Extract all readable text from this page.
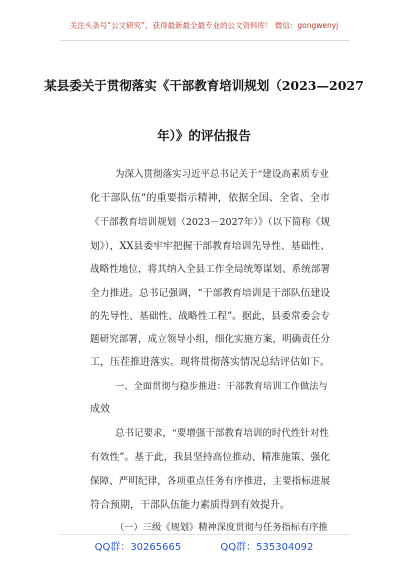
关注头条号“公文研究”，获得最新最全最专业的公文资料库！ 微信：gongwenyj
某县委关于贯彻落实《干部教育培训规划（2023—2027
年）》的评估报告
为深入贯彻落实习近平总书记关于“建设高素质专业
化干部队伍”的重要指示精神，依据全国、全省、全市
《干部教育培训规划（2023－2027年）》（以下简称《规
划》），XX县委牢牢把握干部教育培训先导性、基础性、
战略性地位，将其纳入全县工作全局统筹谋划、系统部署
全力推进。总书记强调，“干部教育培训是干部队伍建设
的先导性、基础性、战略性工程”。据此，县委常委会专
题研究部署，成立领导小组，细化实施方案，明确责任分
工，压茬推进落实。现将贯彻落实情况总结评估如下。
一、全面贯彻与稳步推进：干部教育培训工作做法与
成效
总书记要求，“要增强干部教育培训的时代性针对性
有效性”。基于此，我县坚持高位推动、精准施策、强化
保障、严明纪律，各项重点任务有序推进，主要指标进展
符合预期，干部队伍能力素质得到有效提升。
（一）三级《规划》精神深度贯彻与任务指标有序推
QQ群：30265665	QQ群：535304092
